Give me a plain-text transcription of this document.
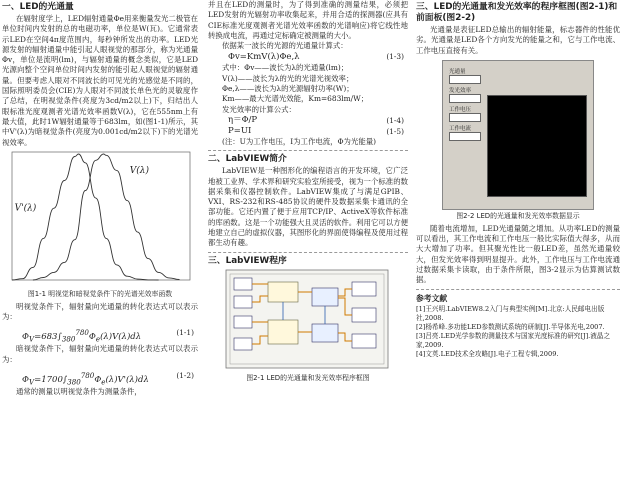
一、LED的光通量

在辐射度学上，LED辐射通量Φe用来衡量发光二极管在单位时间内发射的总的电磁功率，单位是W(瓦)。它通常表示LED在空间4π度范围内，每秒钟所发出的功率。LED光源发射的辐射通量中能引起人眼视觉的那部分，称为光通量Φv，单位是流明(lm)，与辐射通量的概念类似，它是LED光源向整个空间单位时间内发射的能引起人眼视觉的辐射通量。但要考虑人眼对不同波长的可见光的光感觉是不同的，国际照明委员会(CIE)为人眼对不同波长单色光的灵敏度作了总结，在明视觉条件(亮度为3cd/m2以上)下，归结出人眼标准光度观测者光谱光效率函数V(λ)，它在555nm上有最大值，此时1W辐射通量等于683lm，如(图1-1)所示，其中V'(λ)为暗视觉条件(亮度为0.001cd/m2以下)下的光谱光视效率。

V'(λ)
V(λ)
图1-1 明视觉和暗视觉条件下的光谱光效率函数

明视觉条件下，辐射量向光通量的转化表达式可以表示为：

$\Phi_V=683\int_{380}^{780}\Phi_e(\lambda)V(\lambda)d\lambda$	(1-1)

暗视觉条件下，辐射量向光通量的转化表达式可以表示为：

$\Phi_V=1700\int_{380}^{780}\Phi_e(\lambda)V'(\lambda)d\lambda$	(1-2)

通常的测量以明视觉条件为测量条件，

并且在LED的测量时，为了得到准确的测量结果，必须把LED发射的光辐射功率收集起来，并用合适的探测器(应具有CIE标准光度观测者光谱光效率函数的光谱响应)将它线性地转换成电流，再通过定标确定被测量的大小。

依据某一波长的光源的光通量计算式：

Φv=KmV(λ)Φe,λ	(1-3)

式中：Φv——波长为λ的光通量(lm)；

V(λ)——波长为λ的光的光谱光视效率；

Φe,λ——波长为λ的光源辐射功率(W)；

Km——最大光谱光效能，Km=683lm/W；

发光效率的计算公式：

η＝Φ/P	(1-4)
P=UI	(1-5)

(注：U为工作电压，I为工作电流，Φ为光能量)

二、LabVIEW简介

LabVIEW是一种图形化的编程语言的开发环境，它广泛地被工业界、学术界和研究实验室所接受，视为一个标准的数据采集和仪器控制软件。LabVIEW集成了与满足GPIB、VXI、RS-232和RS-485协议的硬件及数据采集卡通讯的全部功能。它还内置了便于应用TCP/IP、ActiveX等软件标准的库函数。这是一个功能强大且灵活的软件。利用它可以方便地建立自己的虚拟仪器，其图形化的界面使得编程及使用过程都生动有趣。

三、LabVIEW程序
图2-1 LED的光通量和发光效率程序框图
三、LED的光通量和发光效率的程序框图(图2-1)和前面板(图2-2)

光通量是表征LED总输出的辐射能量，标志器件的性能优劣。光通量是LED各个方向发光的能量之和，它与工作电流、工作电压直接有关。

光通量
发光效率
工作电压
工作电流
图2-2 LED的光通量和发光效率数据显示

随着电流增加，LED光通量随之增加。从功率LED的测量可以看出，其工作电流和工作电压一般比实际值大得多，从而大大增加了功率。但其聚光性比一般LED差，虽然光通量较大，但发光效率得到明显提升。此外，工作电压与工作电流通过数据采集卡读取，由于条件所限，图3-2显示为估算测试数据。

参考文献

[1]王兴明.LabVIEW8.2入门与典型实例[M].北京:人民邮电出版社,2008.

[2]杨希峰.多功能LED参数测试系统的研制[J].半导体光电,2007.

[3]吕亮.LED光学参数的测量技术与国家光度标准的研究[J].液晶之家,2009.

[4]文英.LED技术全攻略[J].电子工程专辑,2009.
